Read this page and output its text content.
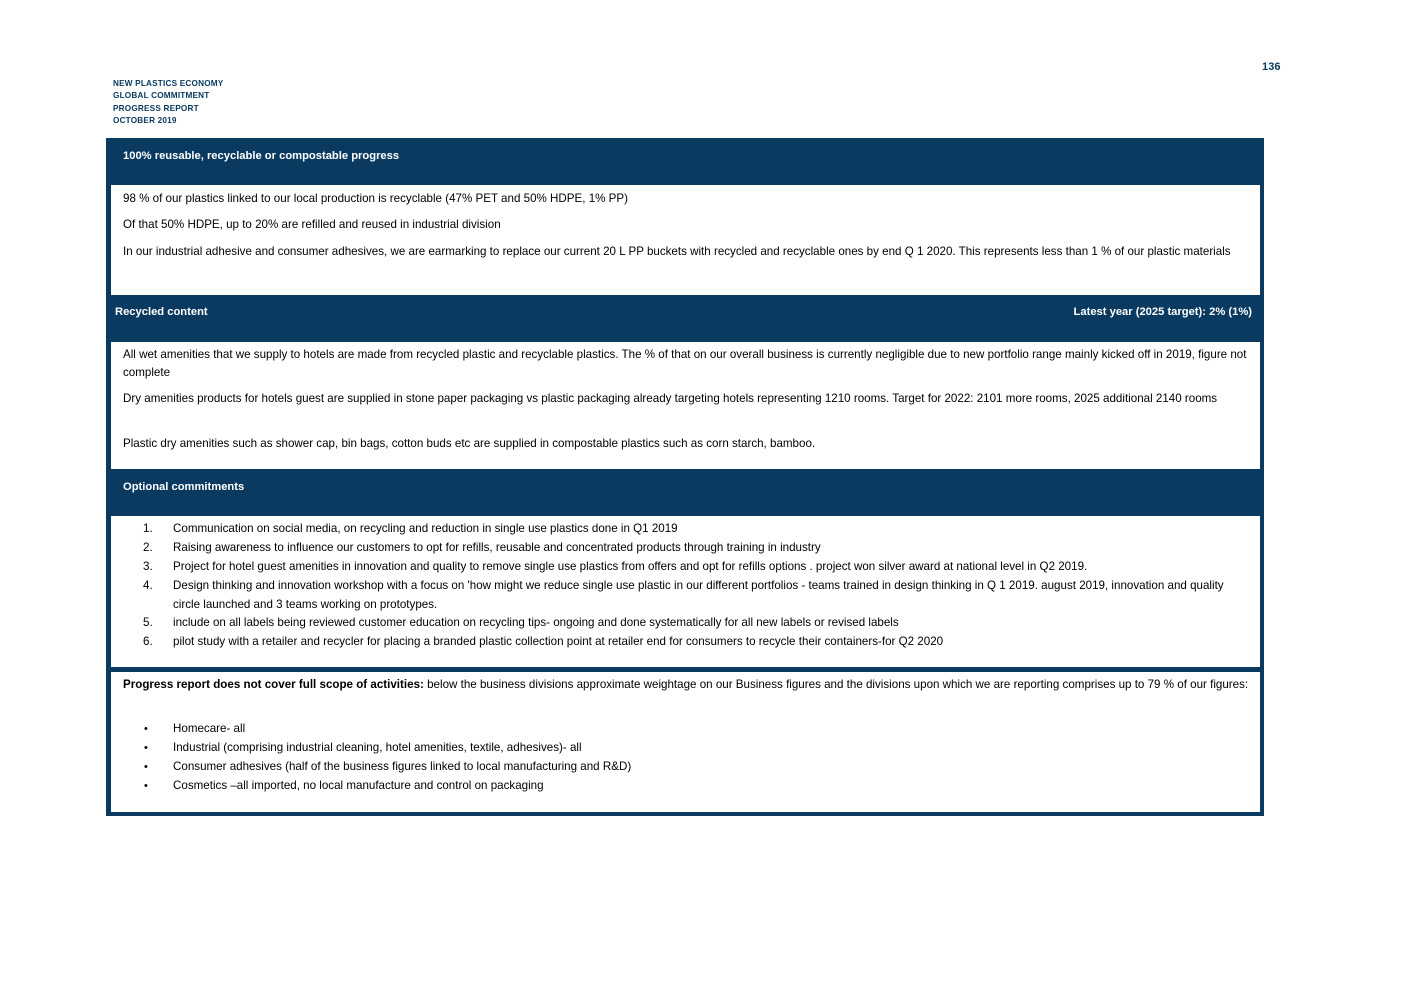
136
NEW PLASTICS ECONOMY
GLOBAL COMMITMENT
PROGRESS REPORT
OCTOBER 2019
100% reusable, recyclable or compostable progress

98 % of our plastics linked to our local production is recyclable (47% PET and 50% HDPE, 1% PP)

Of that 50% HDPE, up to 20% are refilled and reused in industrial division

In our industrial adhesive and consumer adhesives, we are earmarking to replace our current 20 L PP buckets with recycled and recyclable ones by end Q 1 2020. This represents less than 1 % of our plastic materials

Recycled content	Latest year (2025 target): 2% (1%)

All wet amenities that we supply to hotels are made from recycled plastic and recyclable plastics. The % of that on our overall business is currently negligible due to new portfolio range mainly kicked off in 2019, figure not complete

Dry amenities products for hotels guest are supplied in stone paper packaging vs plastic packaging already targeting hotels representing 1210 rooms. Target for 2022: 2101 more rooms, 2025 additional 2140 rooms

Plastic dry amenities such as shower cap, bin bags, cotton buds etc are supplied in compostable plastics such as corn starch, bamboo.

Optional commitments
1.	Communication on social media, on recycling and reduction in single use plastics done in Q1 2019
2.	Raising awareness to influence our customers to opt for refills, reusable and concentrated products through training in industry
3.	Project for hotel guest amenities in innovation and quality to remove single use plastics from offers and opt for refills options . project won silver award at national level in Q2 2019.
4.	Design thinking and innovation workshop with a focus on 'how might we reduce single use plastic in our different portfolios - teams trained in design thinking in Q 1 2019. august 2019, innovation and quality circle launched and 3 teams working on prototypes.
5.	include on all labels being reviewed customer education on recycling tips- ongoing and done systematically for all new labels or revised labels
6.	pilot study with a retailer and recycler for placing a branded plastic collection point at retailer end for consumers to recycle their containers-for Q2 2020

Progress report does not cover full scope of activities: below the business divisions approximate weightage on our Business figures and the divisions upon which we are reporting comprises up to 79 % of our figures:

•	Homecare- all
•	Industrial (comprising industrial cleaning, hotel amenities, textile, adhesives)- all
•	Consumer adhesives (half of the business figures linked to local manufacturing and R&D)
•	Cosmetics –all imported, no local manufacture and control on packaging
